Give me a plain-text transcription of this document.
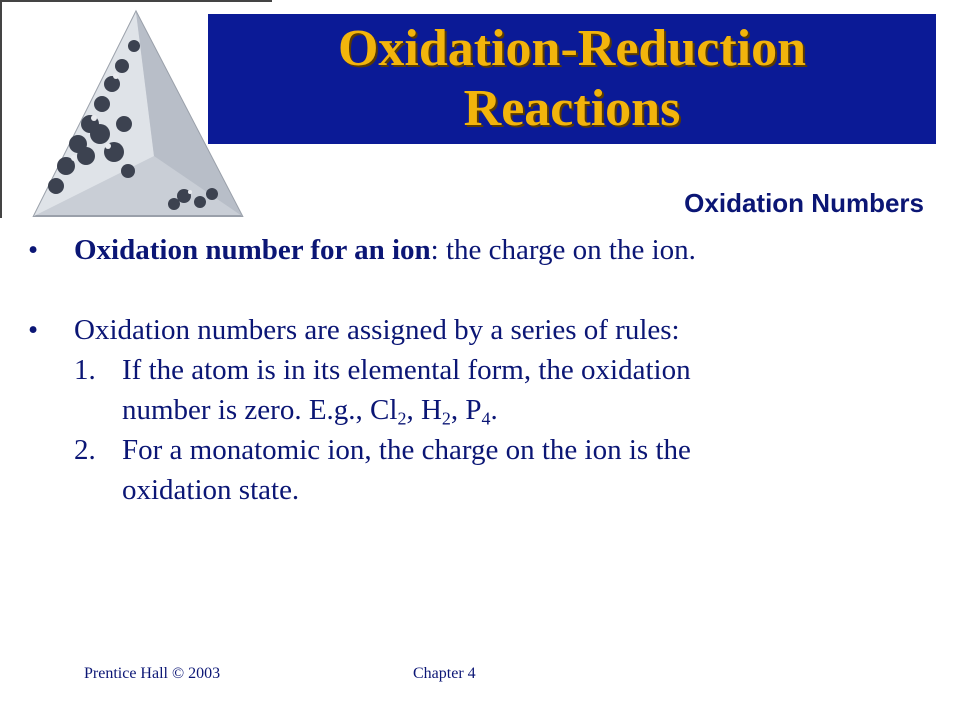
Oxidation-Reduction
Reactions
Oxidation Numbers
•	Oxidation number for an ion: the charge on the ion.
•	Oxidation numbers are assigned by a series of rules:
1. If the atom is in its elemental form, the oxidation
number is zero. E.g., $Cl_2$, $H_2$, $P_4$.
2. For a monatomic ion, the charge on the ion is the
oxidation state.
Prentice Hall © 2003	Chapter 4
